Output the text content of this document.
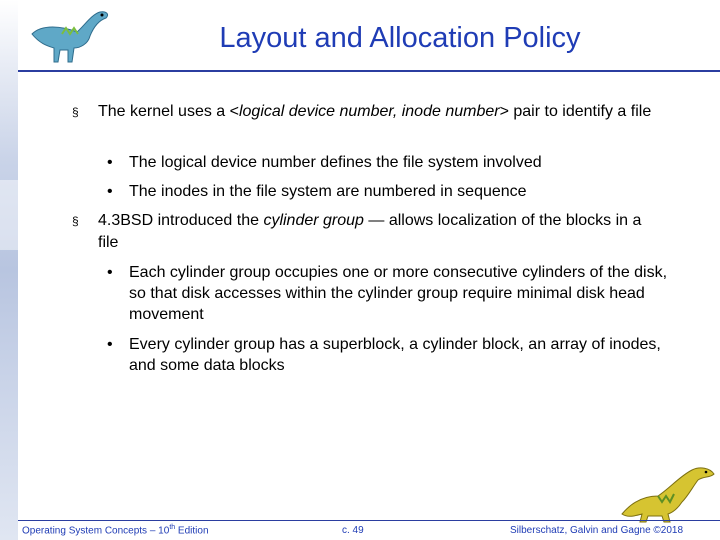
Layout and Allocation Policy
§ The kernel uses a <logical device number, inode number> pair to identify a file
• The logical device number defines the file system involved
• The inodes in the file system are numbered in sequence
§ 4.3BSD introduced the cylinder group — allows localization of the blocks in a file
• Each cylinder group occupies one or more consecutive cylinders of the disk, so that disk accesses within the cylinder group require minimal disk head movement
• Every cylinder group has a superblock, a cylinder block, an array of inodes, and some data blocks
Operating System Concepts – 10th Edition	c. 49	Silberschatz, Galvin and Gagne ©2018
